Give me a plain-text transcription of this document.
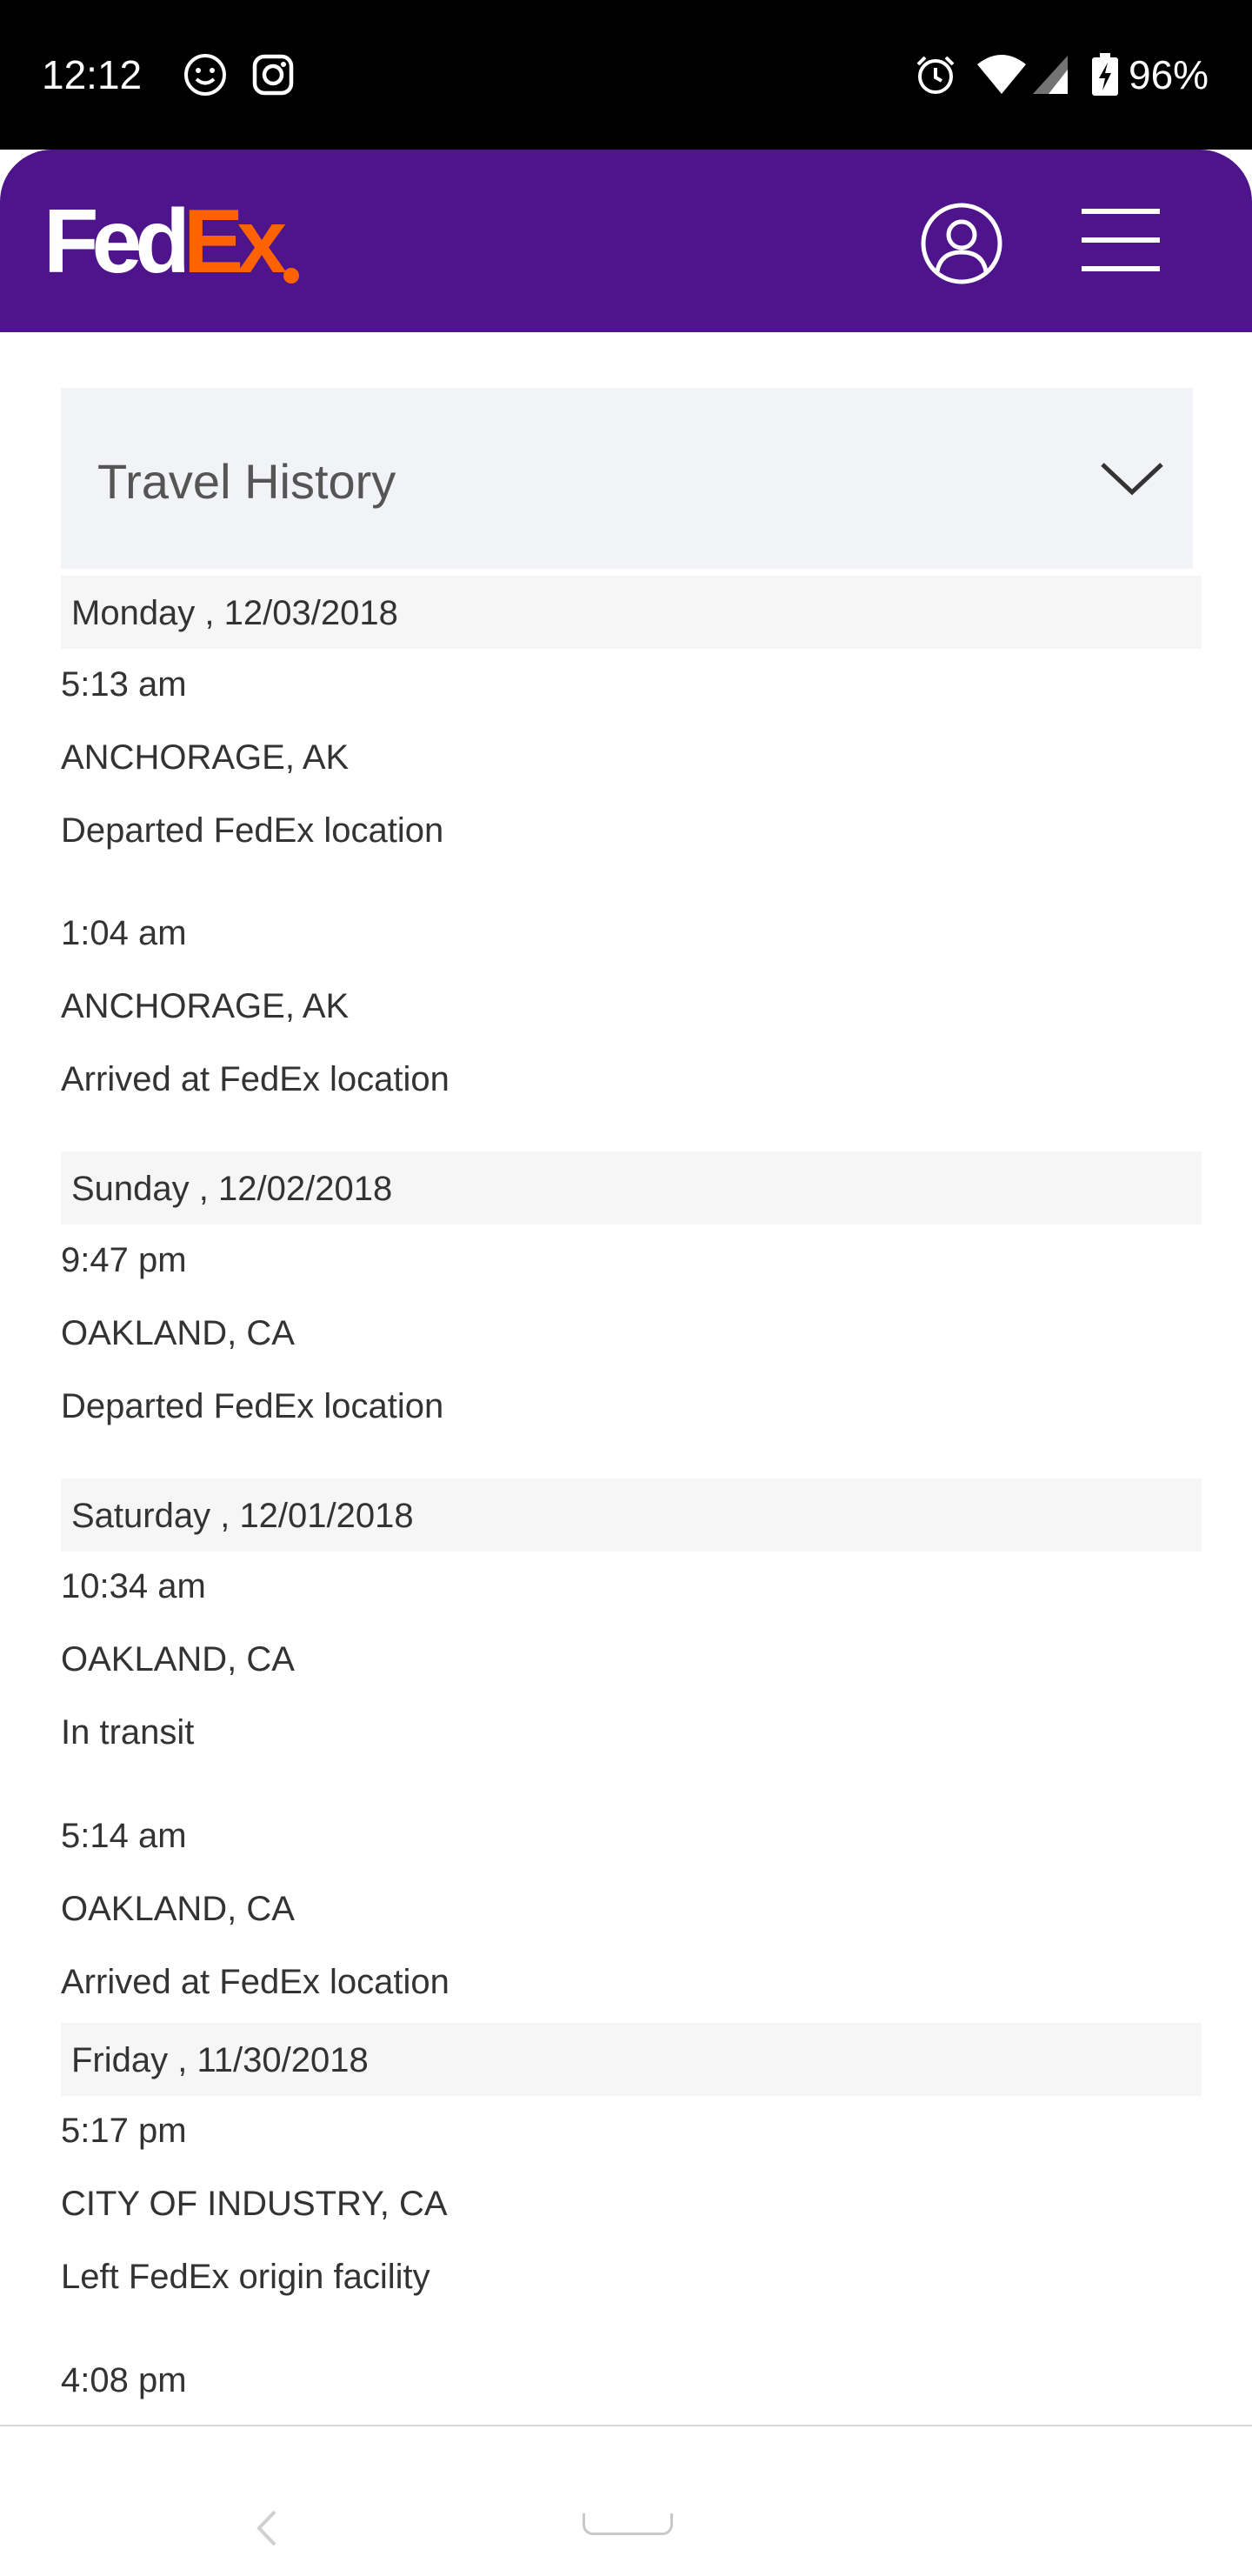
12:12	96%
FedEx
Travel History
Monday , 12/03/2018
5:13 am
ANCHORAGE, AK
Departed FedEx location
1:04 am
ANCHORAGE, AK
Arrived at FedEx location
Sunday , 12/02/2018
9:47 pm
OAKLAND, CA
Departed FedEx location
Saturday , 12/01/2018
10:34 am
OAKLAND, CA
In transit
5:14 am
OAKLAND, CA
Arrived at FedEx location
Friday , 11/30/2018
5:17 pm
CITY OF INDUSTRY, CA
Left FedEx origin facility
4:08 pm
